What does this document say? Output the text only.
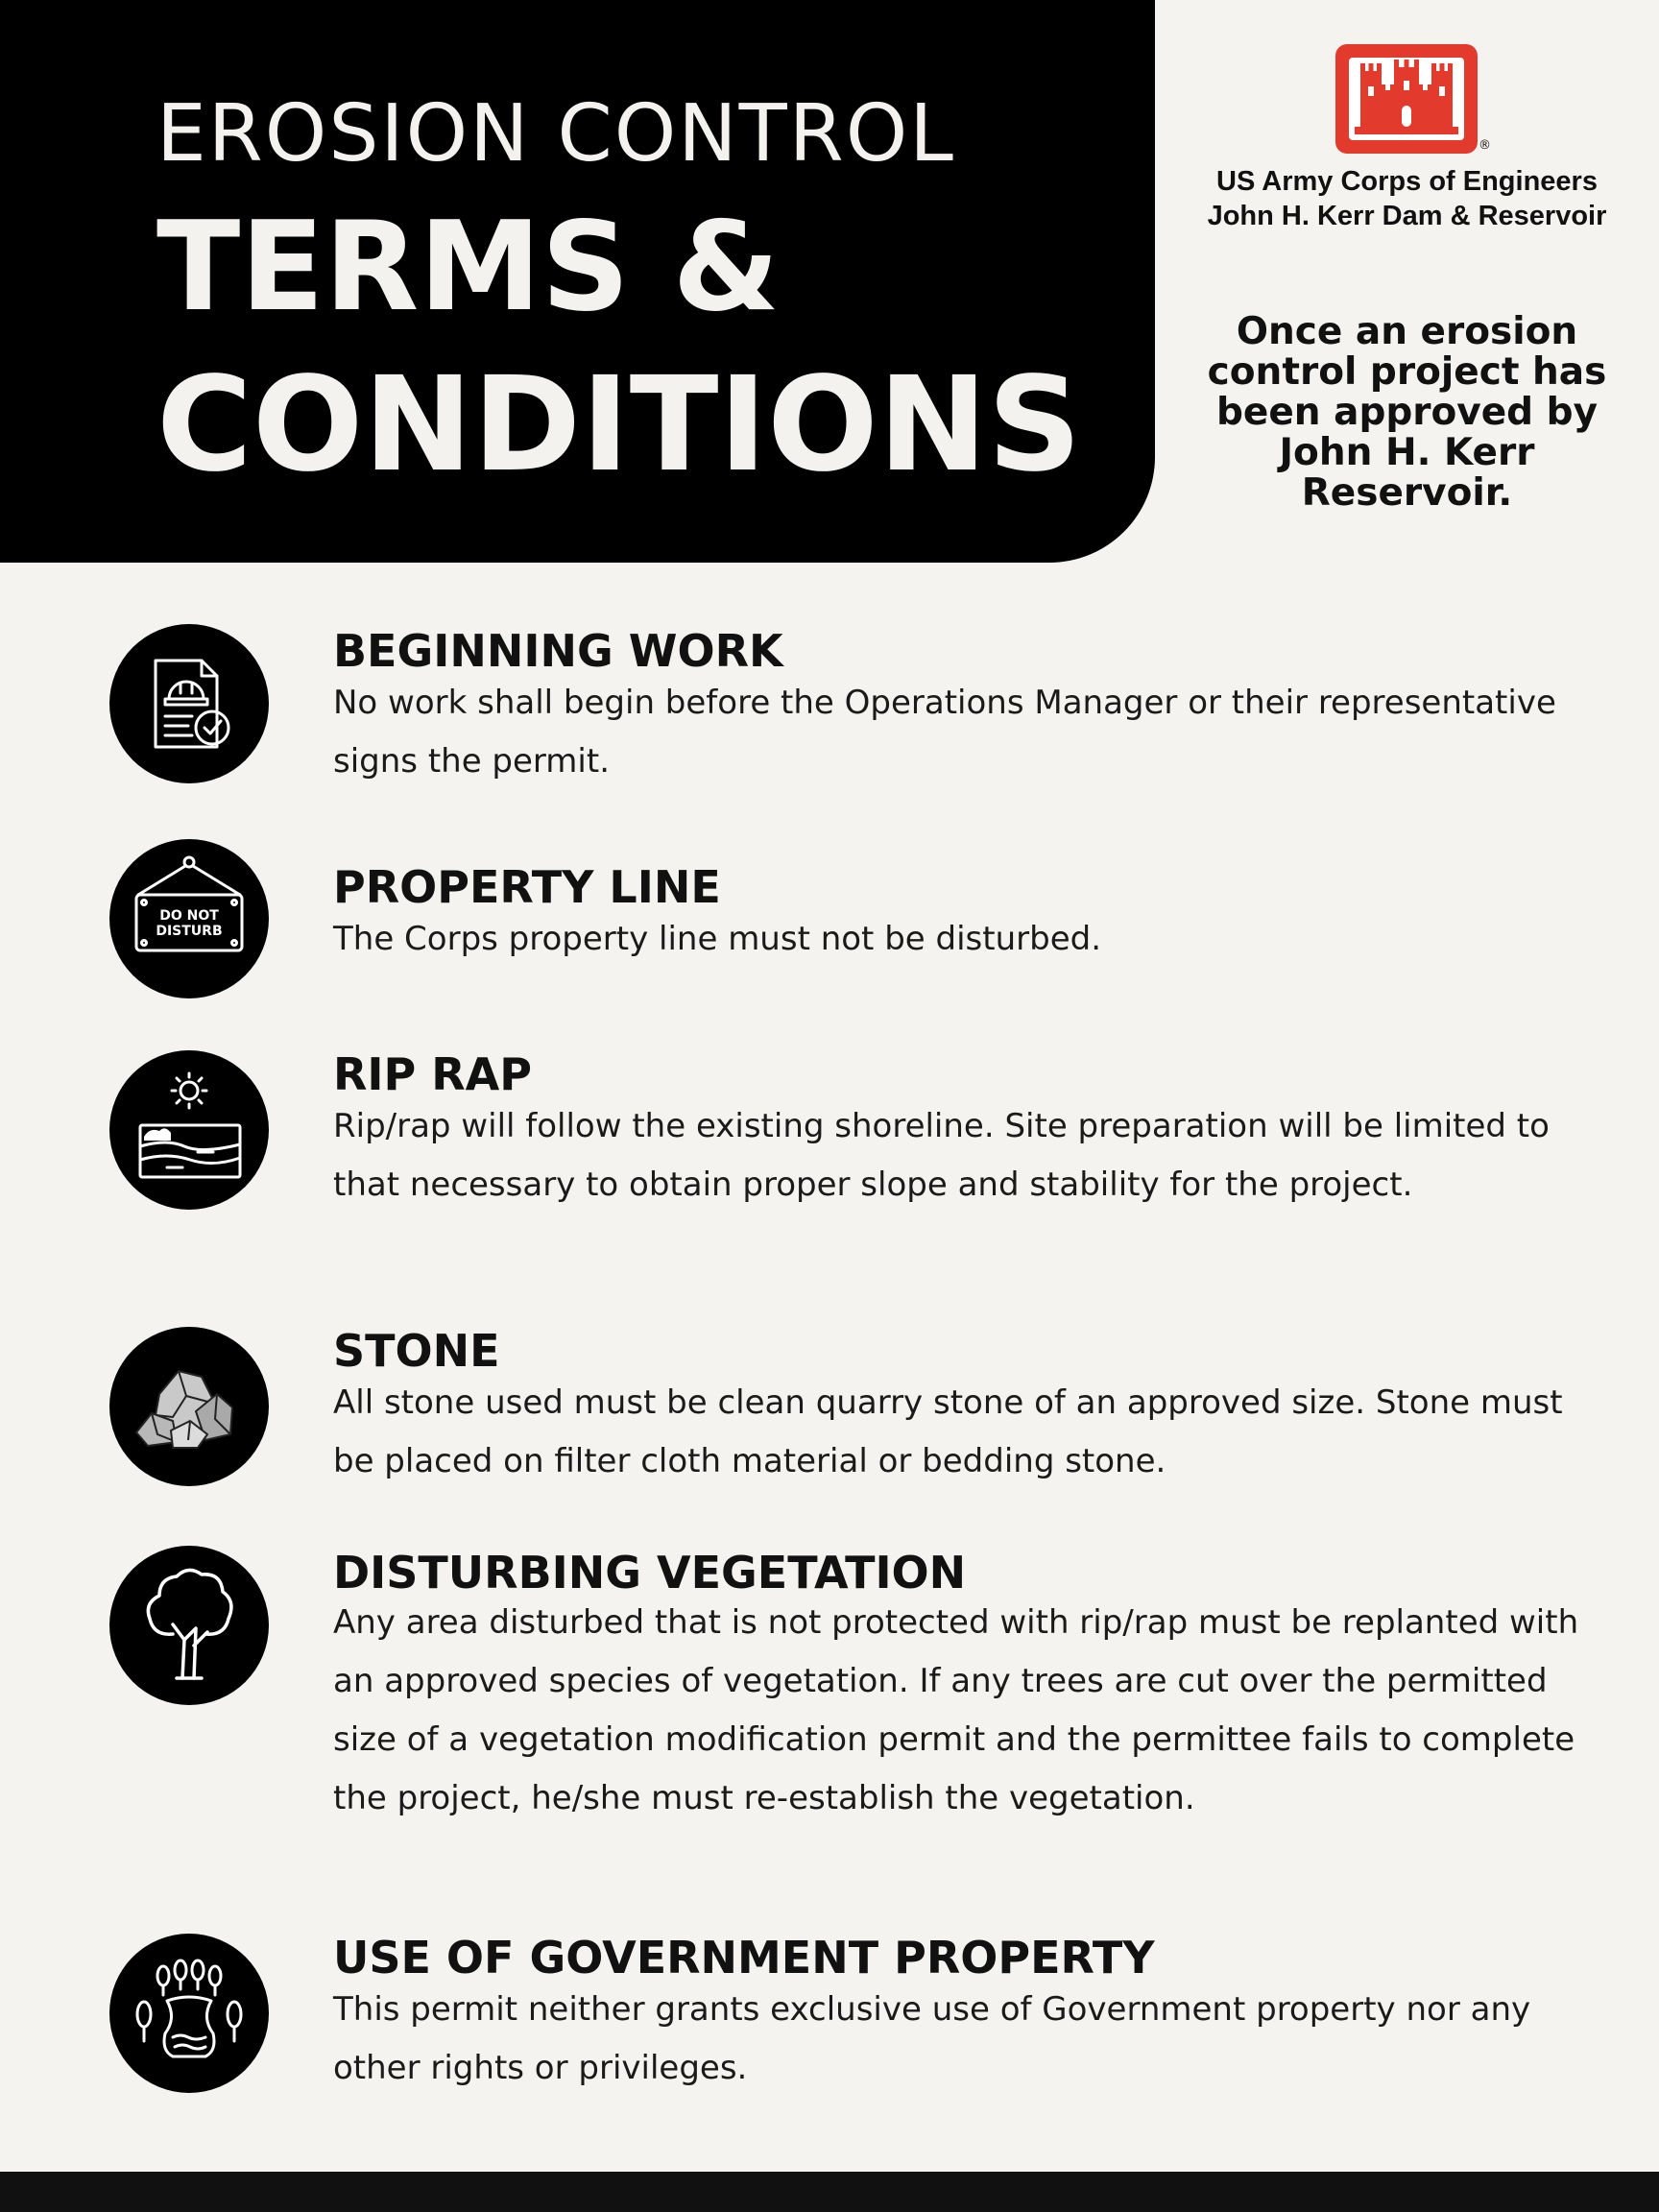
EROSION CONTROL
TERMS &
CONDITIONS
®
US Army Corps of Engineers
John H. Kerr Dam & Reservoir
Once an erosion control project has been approved by John H. Kerr Reservoir.
BEGINNING WORK

No work shall begin before the Operations Manager or their representative signs the permit.

DO NOT
DISTURB
PROPERTY LINE

The Corps property line must not be disturbed.

RIP RAP

Rip/rap will follow the existing shoreline. Site preparation will be limited to that necessary to obtain proper slope and stability for the project.

STONE

All stone used must be clean quarry stone of an approved size. Stone must be placed on filter cloth material or bedding stone.

DISTURBING VEGETATION

Any area disturbed that is not protected with rip/rap must be replanted with an approved species of vegetation. If any trees are cut over the permitted size of a vegetation modification permit and the permittee fails to complete the project, he/she must re-establish the vegetation.

USE OF GOVERNMENT PROPERTY

This permit neither grants exclusive use of Government property nor any other rights or privileges.
